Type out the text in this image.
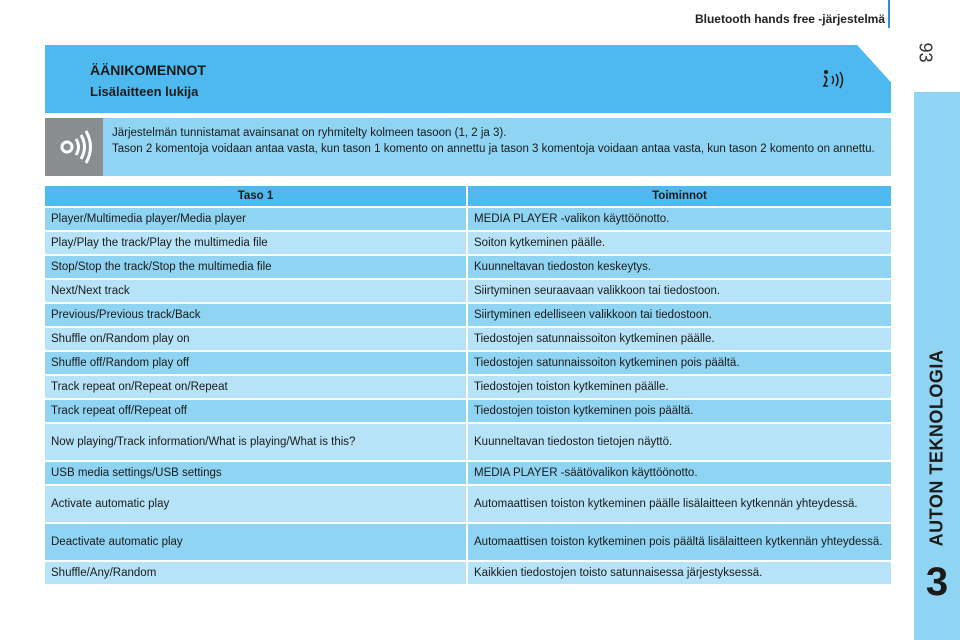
Bluetooth hands free -järjestelmä
93
AUTON TEKNOLOGIA
3
ÄÄNIKOMENNOT
Lisälaitteen lukija

Järjestelmän tunnistamat avainsanat on ryhmitelty kolmeen tasoon (1, 2 ja 3).

Tason 2 komentoja voidaan antaa vasta, kun tason 1 komento on annettu ja tason 3 komentoja voidaan antaa vasta, kun tason 2 komento on annettu.

Taso 1	Toiminnot
Player/Multimedia player/Media player	MEDIA PLAYER -valikon käyttöönotto.
Play/Play the track/Play the multimedia file	Soiton kytkeminen päälle.
Stop/Stop the track/Stop the multimedia file	Kuunneltavan tiedoston keskeytys.
Next/Next track	Siirtyminen seuraavaan valikkoon tai tiedostoon.
Previous/Previous track/Back	Siirtyminen edelliseen valikkoon tai tiedostoon.
Shuffle on/Random play on	Tiedostojen satunnaissoiton kytkeminen päälle.
Shuffle off/Random play off	Tiedostojen satunnaissoiton kytkeminen pois päältä.
Track repeat on/Repeat on/Repeat	Tiedostojen toiston kytkeminen päälle.
Track repeat off/Repeat off	Tiedostojen toiston kytkeminen pois päältä.
Now playing/Track information/What is playing/What is this?	Kuunneltavan tiedoston tietojen näyttö.
USB media settings/USB settings	MEDIA PLAYER -säätövalikon käyttöönotto.
Activate automatic play	Automaattisen toiston kytkeminen päälle lisälaitteen kytkennän yhteydessä.
Deactivate automatic play	Automaattisen toiston kytkeminen pois päältä lisälaitteen kytkennän yhteydessä.
Shuffle/Any/Random	Kaikkien tiedostojen toisto satunnaisessa järjestyksessä.
